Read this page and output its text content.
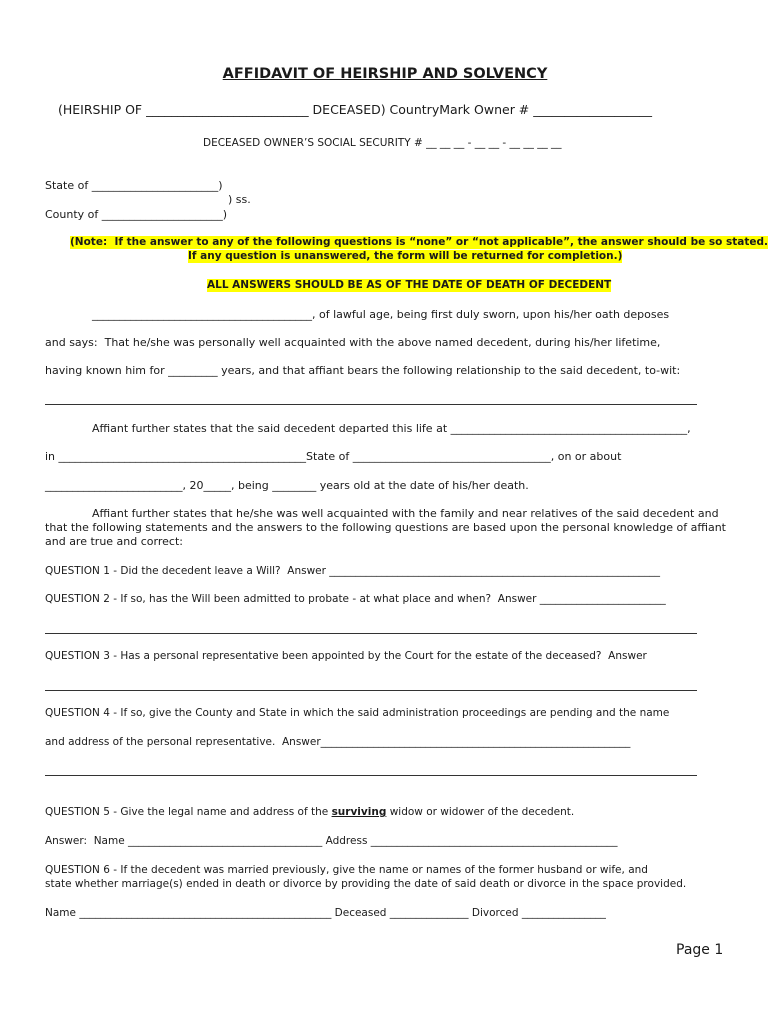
AFFIDAVIT OF HEIRSHIP AND SOLVENCY
(HEIRSHIP OF __________________________ DECEASED) CountryMark Owner # ___________________
DECEASED OWNER’S SOCIAL SECURITY # __ __ __ - __ __ - __ __ __ __
State of _______________________)
) ss.
County of ______________________)
(Note:  If the answer to any of the following questions is “none” or “not applicable”, the answer should be so stated.
If any question is unanswered, the form will be returned for completion.)
ALL ANSWERS SHOULD BE AS OF THE DATE OF DEATH OF DECEDENT
________________________________________, of lawful age, being first duly sworn, upon his/her oath deposes
and says:  That he/she was personally well acquainted with the above named decedent, during his/her lifetime,
having known him for _________ years, and that affiant bears the following relationship to the said decedent, to-wit:
Affiant further states that the said decedent departed this life at ___________________________________________,
in _____________________________________________State of ____________________________________, on or about
_________________________, 20_____, being ________ years old at the date of his/her death.
Affiant further states that he/she was well acquainted with the family and near relatives of the said decedent and
that the following statements and the answers to the following questions are based upon the personal knowledge of affiant
and are true and correct:
QUESTION 1 - Did the decedent leave a Will?  Answer _______________________________________________________________
QUESTION 2 - If so, has the Will been admitted to probate - at what place and when?  Answer ________________________
QUESTION 3 - Has a personal representative been appointed by the Court for the estate of the deceased?  Answer
QUESTION 4 - If so, give the County and State in which the said administration proceedings are pending and the name
and address of the personal representative.  Answer___________________________________________________________
QUESTION 5 - Give the legal name and address of the surviving widow or widower of the decedent.
Answer:  Name _____________________________________ Address _______________________________________________
QUESTION 6 - If the decedent was married previously, give the name or names of the former husband or wife, and
state whether marriage(s) ended in death or divorce by providing the date of said death or divorce in the space provided.
Name ________________________________________________ Deceased _______________ Divorced ________________
Page 1
